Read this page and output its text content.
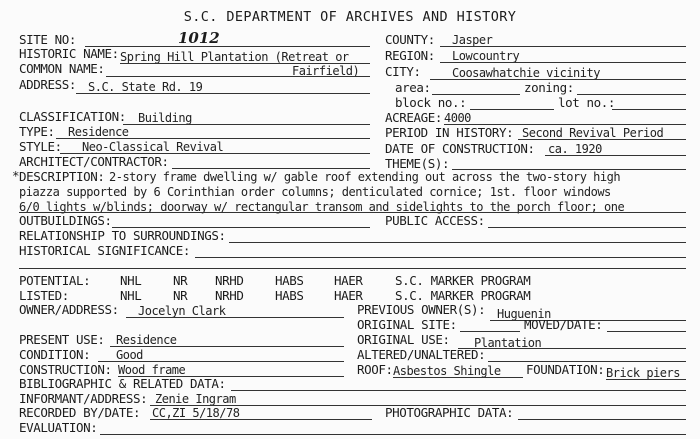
S.C. DEPARTMENT OF ARCHIVES AND HISTORY
SITE NO:	1012	COUNTY: Jasper
HISTORIC NAME: Spring Hill Plantation (Retreat or	REGION: Lowcountry
COMMON NAME:	Fairfield) CITY:	Coosawhatchie vicinity
ADDRESS: S.C. State Rd. 19	area:	zoning:
block no.:	lot no.:
CLASSIFICATION: Building	ACREAGE: 4000
TYPE: Residence	PERIOD IN HISTORY: Second Revival Period
STYLE: Neo-Classical Revival	DATE OF CONSTRUCTION: ca. 1920
ARCHITECT/CONTRACTOR:	THEME(S):
* DESCRIPTION: 2-story frame dwelling w/ gable roof extending out across the two-story high
piazza supported by 6 Corinthian order columns; denticulated cornice; 1st. floor windows
6/0 lights w/blinds; doorway w/ rectangular transom and sidelights to the porch floor; one
OUTBUILDINGS:	PUBLIC ACCESS:
RELATIONSHIP TO SURROUNDINGS:
HISTORICAL SIGNIFICANCE:
POTENTIAL: NHL	NR NRHD	HABS HAER	S.C. MARKER PROGRAM
LISTED:	NHL	NR NRHD	HABS HAER	S.C. MARKER PROGRAM
OWNER/ADDRESS: Jocelyn Clark	PREVIOUS OWNER(S): Huguenin
ORIGINAL SITE:	MOVED/DATE:
PRESENT USE: Residence	ORIGINAL USE: Plantation
CONDITION: Good	ALTERED/UNALTERED:
CONSTRUCTION: Wood frame	ROOF: Asbestos Shingle FOUNDATION: Brick piers
BIBLIOGRAPHIC & RELATED DATA:
INFORMANT/ADDRESS: Zenie Ingram
RECORDED BY/DATE: CC,ZI 5/18/78	PHOTOGRAPHIC DATA:
EVALUATION:
